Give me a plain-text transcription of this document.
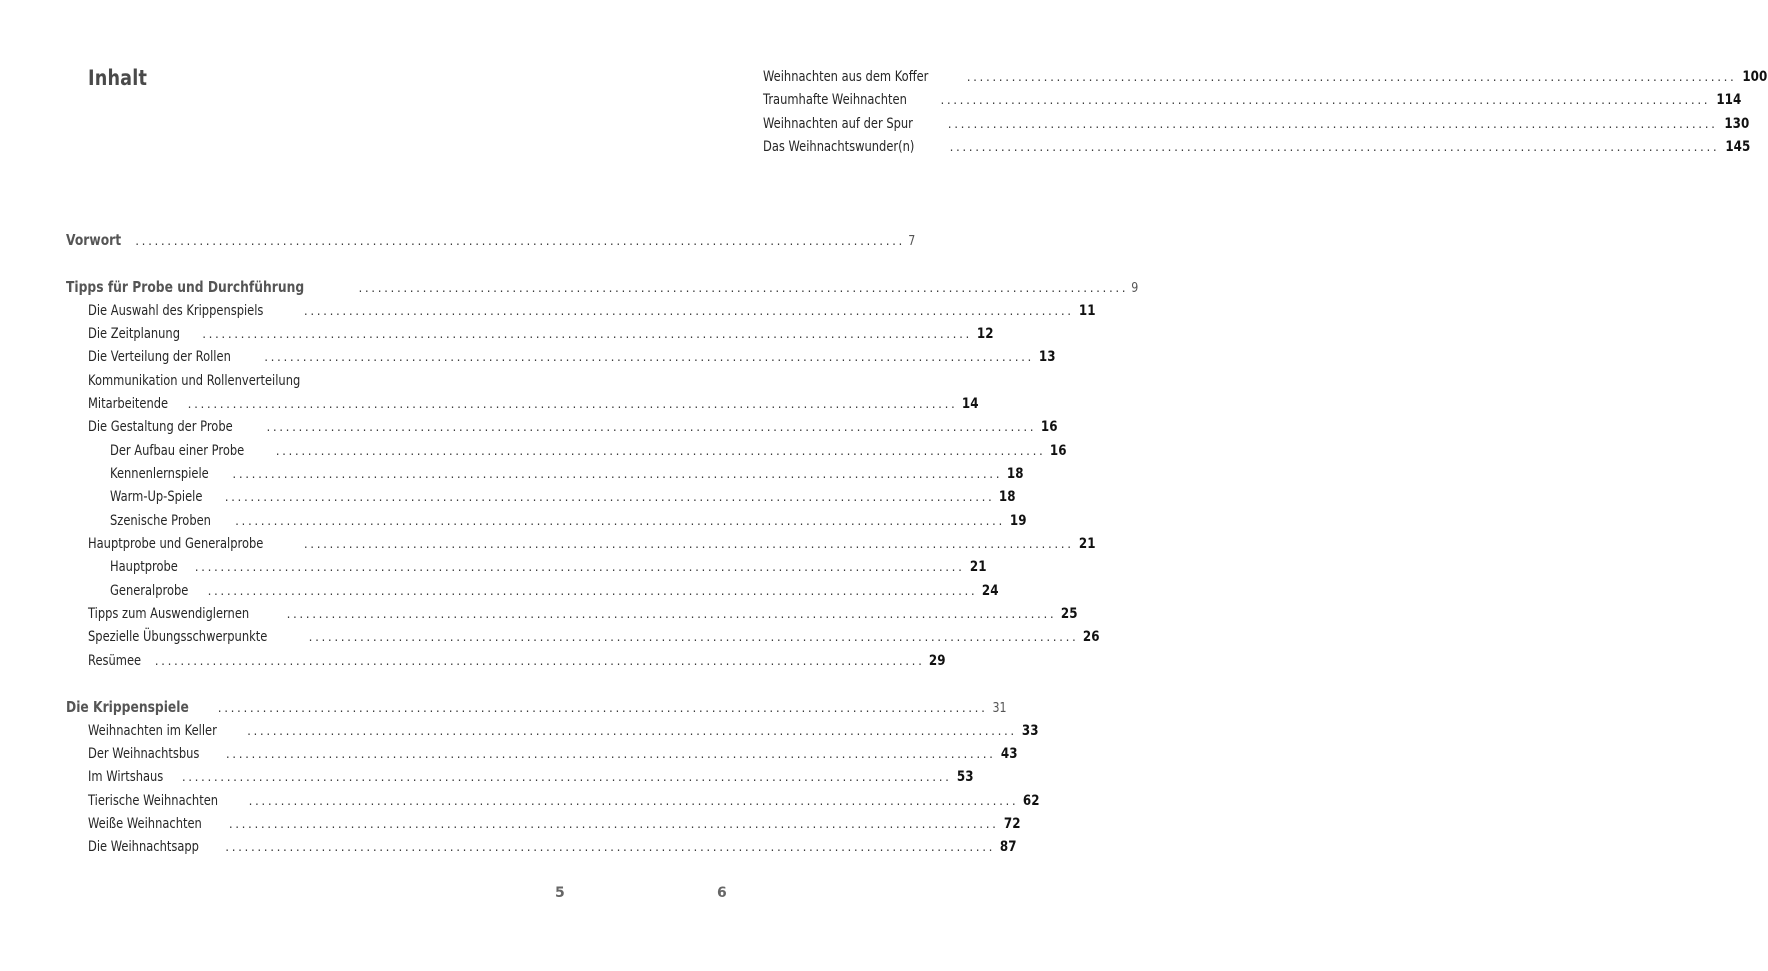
Inhalt
Vorwort ........................................................................................................................ 7
Tipps für Probe und Durchführung	........................................................................................................................ 9
Die Auswahl des Krippenspiels	........................................................................................................................ 11
Die Zeitplanung ........................................................................................................................ 12
Die Verteilung der Rollen	........................................................................................................................ 13
Kommunikation und Rollenverteilung
Mitarbeitende ........................................................................................................................ 14
Die Gestaltung der Probe	........................................................................................................................ 16
Der Aufbau einer Probe	........................................................................................................................ 16
Kennenlernspiele ........................................................................................................................ 18
Warm-Up-Spiele ........................................................................................................................ 18
Szenische Proben ........................................................................................................................ 19
Hauptprobe und Generalprobe	........................................................................................................................ 21
Hauptprobe ........................................................................................................................ 21
Generalprobe ........................................................................................................................ 24
Tipps zum Auswendiglernen	........................................................................................................................ 25
Spezielle Übungsschwerpunkte	........................................................................................................................ 26
Resümee ........................................................................................................................ 29
Die Krippenspiele ........................................................................................................................ 31
Weihnachten im Keller	........................................................................................................................ 33
Der Weihnachtsbus ........................................................................................................................ 43
Im Wirtshaus ........................................................................................................................ 53
Tierische Weihnachten	........................................................................................................................ 62
Weiße Weihnachten ........................................................................................................................ 72
Die Weihnachtsapp ........................................................................................................................ 87
5
Weihnachten aus dem Koffer	........................................................................................................................ 100
Traumhafte Weihnachten	........................................................................................................................ 114
Weihnachten auf der Spur	........................................................................................................................ 130
Das Weihnachtswunder(n)	........................................................................................................................ 145
6
